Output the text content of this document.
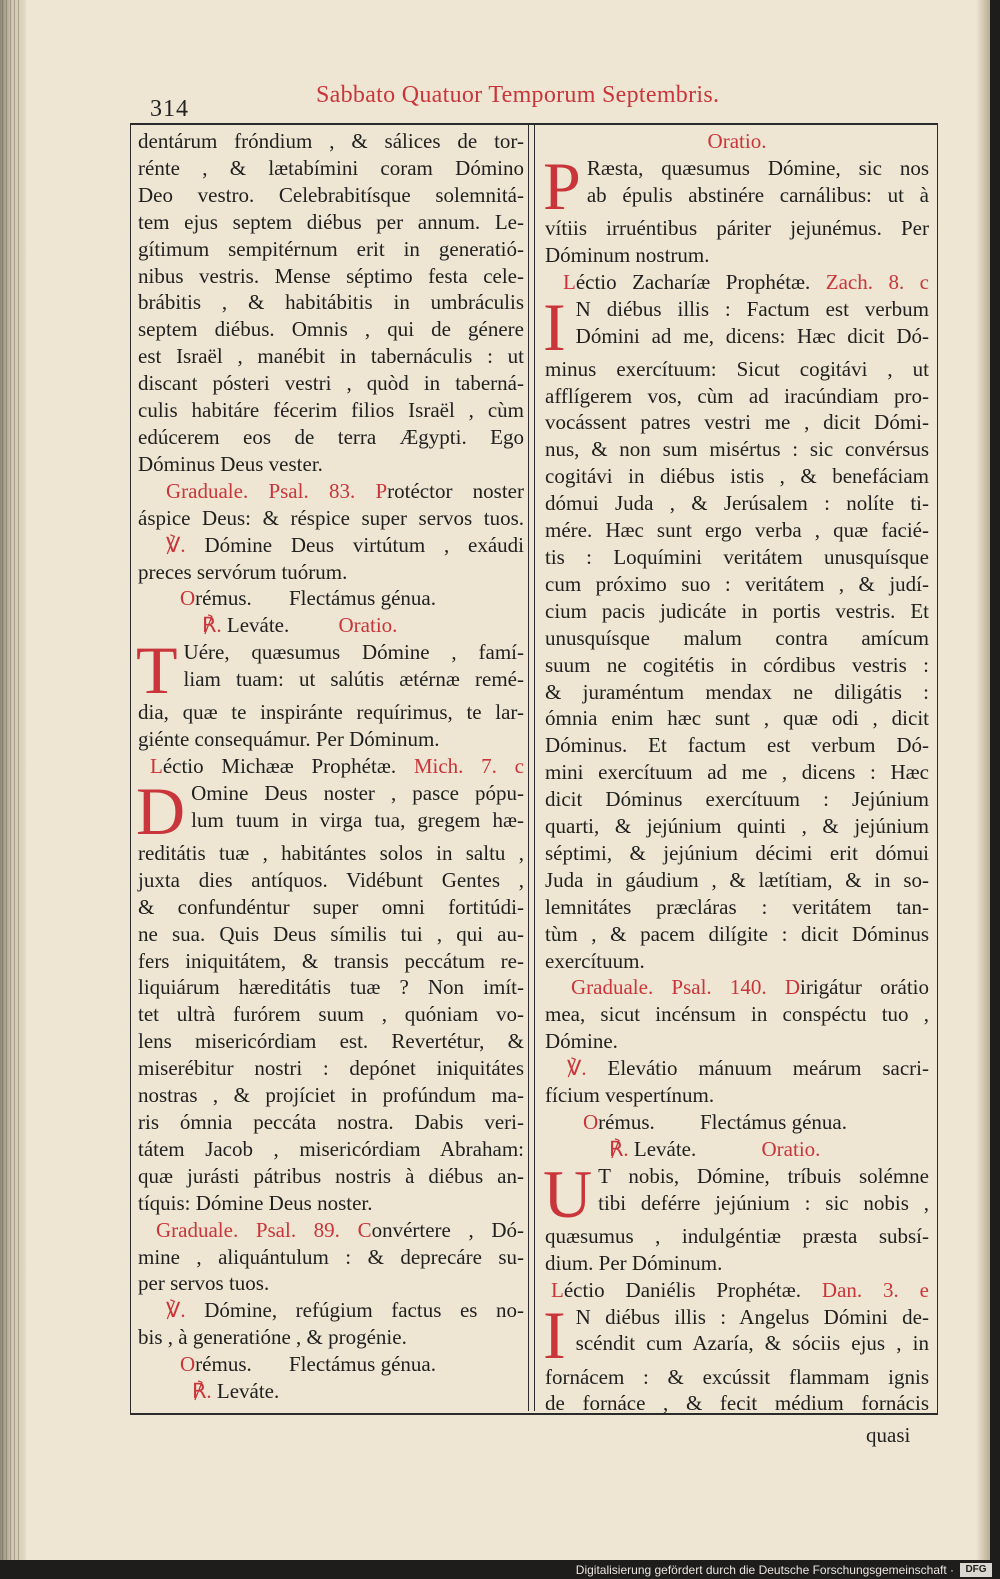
314
Sabbato Quatuor Temporum Septembris.

dentárum fróndium , & sálices de tor-

rénte , & lætabímini coram Dómino

Deo vestro. Celebrabitísque solemnitá-

tem ejus septem diébus per annum. Le-

gítimum sempitérnum erit in generatió-

nibus vestris. Mense séptimo festa cele-

brábitis , & habitábitis in umbráculis

septem diébus. Omnis , qui de génere

est Israël , manébit in tabernáculis : ut

discant pósteri vestri , quòd in taberná-

culis habitáre fécerim filios Israël , cùm

edúcerem eos de terra Ægypti. Ego

Dóminus Deus vester.

Graduale. Psal. 83. Protéctor noster

áspice Deus: & réspice super servos tuos.

℣. Dómine Deus virtútum , exáudi

preces servórum tuórum.

Orémus. Flectámus génua.

℟. Leváte. Oratio.

T Uére, quæsumus Dómine , famí-

liam tuam: ut salútis ætérnæ remé-

dia, quæ te inspiránte requírimus, te lar-

giénte consequámur. Per Dóminum.

Léctio Michææ Prophétæ. Mich. 7. c

D Omine Deus noster , pasce pópu-

lum tuum in virga tua, gregem hæ-

reditátis tuæ , habitántes solos in saltu ,

juxta dies antíquos. Vidébunt Gentes ,

& confundéntur super omni fortitúdi-

ne sua. Quis Deus símilis tui , qui au-

fers iniquitátem, & transis peccátum re-

liquiárum hæreditátis tuæ ? Non imít-

tet ultrà furórem suum , quóniam vo-

lens misericórdiam est. Revertétur, &

miserébitur nostri : depónet iniquitátes

nostras , & projíciet in profúndum ma-

ris ómnia peccáta nostra. Dabis veri-

tátem Jacob , misericórdiam Abraham:

quæ jurásti pátribus nostris à diébus an-

tíquis: Dómine Deus noster.

Graduale. Psal. 89. Convértere , Dó-

mine , aliquántulum : & deprecáre su-

per servos tuos.

℣. Dómine, refúgium factus es no-

bis , à generatióne , & progénie.

Orémus. Flectámus génua.

℟. Leváte.

Oratio.

P Ræsta, quæsumus Dómine, sic nos

ab épulis abstinére carnálibus: ut à

vítiis irruéntibus páriter jejunémus. Per

Dóminum nostrum.

Léctio Zacharíæ Prophétæ. Zach. 8. c

I N diébus illis : Factum est verbum

Dómini ad me, dicens: Hæc dicit Dó-

minus exercítuum: Sicut cogitávi , ut

afflígerem vos, cùm ad iracúndiam pro-

vocássent patres vestri me , dicit Dómi-

nus, & non sum misértus : sic convérsus

cogitávi in diébus istis , & benefáciam

dómui Juda , & Jerúsalem : nolíte ti-

mére. Hæc sunt ergo verba , quæ facié-

tis : Loquímini veritátem unusquísque

cum próximo suo : veritátem , & judí-

cium pacis judicáte in portis vestris. Et

unusquísque malum contra amícum

suum ne cogitétis in córdibus vestris :

& juraméntum mendax ne diligátis :

ómnia enim hæc sunt , quæ odi , dicit

Dóminus. Et factum est verbum Dó-

mini exercítuum ad me , dicens : Hæc

dicit Dóminus exercítuum : Jejúnium

quarti, & jejúnium quinti , & jejúnium

séptimi, & jejúnium décimi erit dómui

Juda in gáudium , & lætítiam, & in so-

lemnitátes præcláras : veritátem tan-

tùm , & pacem dilígite : dicit Dóminus

exercítuum.

Graduale. Psal. 140. Dirigátur orátio

mea, sicut incénsum in conspéctu tuo ,

Dómine.

℣. Elevátio mánuum meárum sacri-

fícium vespertínum.

Orémus. Flectámus génua.

℟. Leváte.	Oratio.

U T nobis, Dómine, tríbuis solémne

tibi deférre jejúnium : sic nobis ,

quæsumus , indulgéntiæ præsta subsí-

dium. Per Dóminum.

Léctio Daniélis Prophétæ. Dan. 3. e

I N diébus illis : Angelus Dómini de-

scéndit cum Azaría, & sóciis ejus , in

fornácem : & excússit flammam ignis

de fornáce , & fecit médium fornácis

quasi
Digitalisierung gefördert durch die Deutsche Forschungsgemeinschaft ·	DFG
